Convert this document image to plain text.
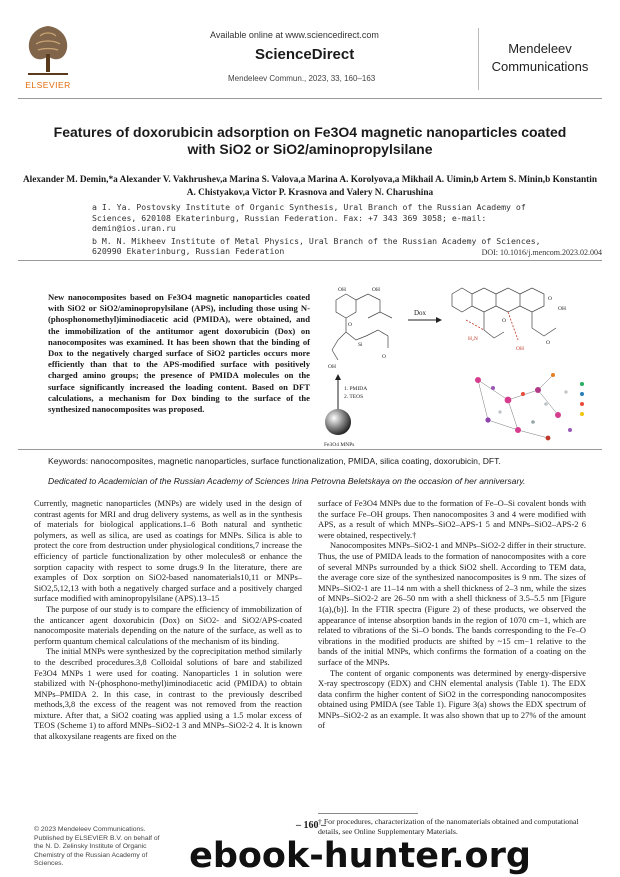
ELSEVIER
Available online at www.sciencedirect.com
ScienceDirect
Mendeleev Commun., 2023, 33, 160–163
Mendeleev Communications
Features of doxorubicin adsorption on Fe3O4 magnetic nanoparticles coated with SiO2 or SiO2/aminopropylsilane
Alexander M. Demin,*a Alexander V. Vakhrushev,a Marina S. Valova,a Marina A. Korolyova,a Mikhail A. Uimin,b Artem S. Minin,b Konstantin A. Chistyakov,a Victor P. Krasnova and Valery N. Charushina
a I. Ya. Postovsky Institute of Organic Synthesis, Ural Branch of the Russian Academy of Sciences, 620108 Ekaterinburg, Russian Federation. Fax: +7 343 369 3058; e-mail: demin@ios.uran.ru
b M. N. Mikheev Institute of Metal Physics, Ural Branch of the Russian Academy of Sciences, 620990 Ekaterinburg, Russian Federation	DOI: 10.1016/j.mencom.2023.02.004
New nanocomposites based on Fe3O4 magnetic nanoparticles coated with SiO2 or SiO2/aminopropylsilane (APS), including those using N-(phosphonomethyl)iminodiacetic acid (PMIDA), were obtained, and the immobilization of the antitumor agent doxorubicin (Dox) on nanocomposites was examined. It has been shown that the binding of Dox to the negatively charged surface of SiO2 particles occurs more efficiently than that to the APS-modified surface with positively charged amino groups; the presence of PMIDA molecules on the surface significantly increased the loading content. Based on DFT calculations, a mechanism for Dox binding to the surface of the synthesized nanocomposites was proposed.
OH	OH
O
Si
OH
O
Dox
H₂N
OH
O
OH
O
O
1. PMIDA
2. TEOS
Fe3O4 MNPs
Keywords: nanocomposites, magnetic nanoparticles, surface functionalization, PMIDA, silica coating, doxorubicin, DFT.
Dedicated to Academician of the Russian Academy of Sciences Irina Petrovna Beletskaya on the occasion of her anniversary.

Currently, magnetic nanoparticles (MNPs) are widely used in the design of contrast agents for MRI and drug delivery systems, as well as in the synthesis of materials for biological applications.1–6 Both natural and synthetic polymers, as well as silica, are used as coatings for MNPs. Silica is able to protect the core from destruction under physiological conditions,7 increase the efficiency of particle functionalization by other molecules8 or enhance the sorption capacity with respect to some drugs.9 In the literature, there are examples of Dox sorption on SiO2-based nanomaterials10,11 or MNPs–SiO2,5,12,13 with both a negatively charged surface and a positively charged surface modified with aminopropylsilane (APS).13–15

The purpose of our study is to compare the efficiency of immobilization of the anticancer agent doxorubicin (Dox) on SiO2- and SiO2/APS-coated nanocomposite materials depending on the nature of the surface, as well as to perform quantum chemical calculations of the mechanism of its binding.

The initial MNPs were synthesized by the coprecipitation method similarly to the described procedures.3,8 Colloidal solutions of bare and stabilized Fe3O4 MNPs 1 were used for coating. Nanoparticles 1 in solution were stabilized with N-(phosphono-methyl)iminodiacetic acid (PMIDA) to obtain MNPs–PMIDA 2. In this case, in contrast to the previously described methods,3,8 the excess of the reagent was not removed from the reaction mixture. After that, a SiO2 coating was applied using a 1.5 molar excess of TEOS (Scheme 1) to afford MNPs–SiO2-1 3 and MNPs–SiO2-2 4. It is known that alkoxysilane reagents are fixed on the

surface of Fe3O4 MNPs due to the formation of Fe–O–Si covalent bonds with the surface Fe–OH groups. Then nanocomposites 3 and 4 were modified with APS, as a result of which MNPs–SiO2–APS-1 5 and MNPs–SiO2–APS-2 6 were obtained, respectively.†

Nanocomposites MNPs–SiO2-1 and MNPs–SiO2-2 differ in their structure. Thus, the use of PMIDA leads to the formation of nanocomposites with a core of several MNPs surrounded by a thick SiO2 shell. According to TEM data, the average core size of the synthesized nanocomposites is 9 nm. The sizes of MNPs–SiO2-1 are 11–14 nm with a shell thickness of 2–3 nm, while the sizes of MNPs–SiO2-2 are 26–50 nm with a shell thickness of 3.5–5.5 nm [Figure 1(a),(b)]. In the FTIR spectra (Figure 2) of these products, we observed the appearance of intense absorption bands in the region of 1070 cm−1, which are related to vibrations of the Si–O bonds. The bands corresponding to the Fe–O vibrations in the modified products are shifted by ~15 cm−1 relative to the bands of the initial MNPs, which confirms the formation of a coating on the surface of the MNPs.

The content of organic components was determined by energy-dispersive X-ray spectroscopy (EDX) and CHN elemental analysis (Table 1). The EDX data confirm the higher content of SiO2 in the corresponding nanocomposites obtained using PMIDA (see Table 1). Figure 3(a) shows the EDX spectrum of MNPs–SiO2-2 as an example. It was also shown that up to 27% of the amount of

† For procedures, characterization of the nanomaterials obtained and computational details, see Online Supplementary Materials.
© 2023 Mendeleev Communications. Published by ELSEVIER B.V. on behalf of the N. D. Zelinsky Institute of Organic Chemistry of the Russian Academy of Sciences.
– 160 –
ebook-hunter.org
